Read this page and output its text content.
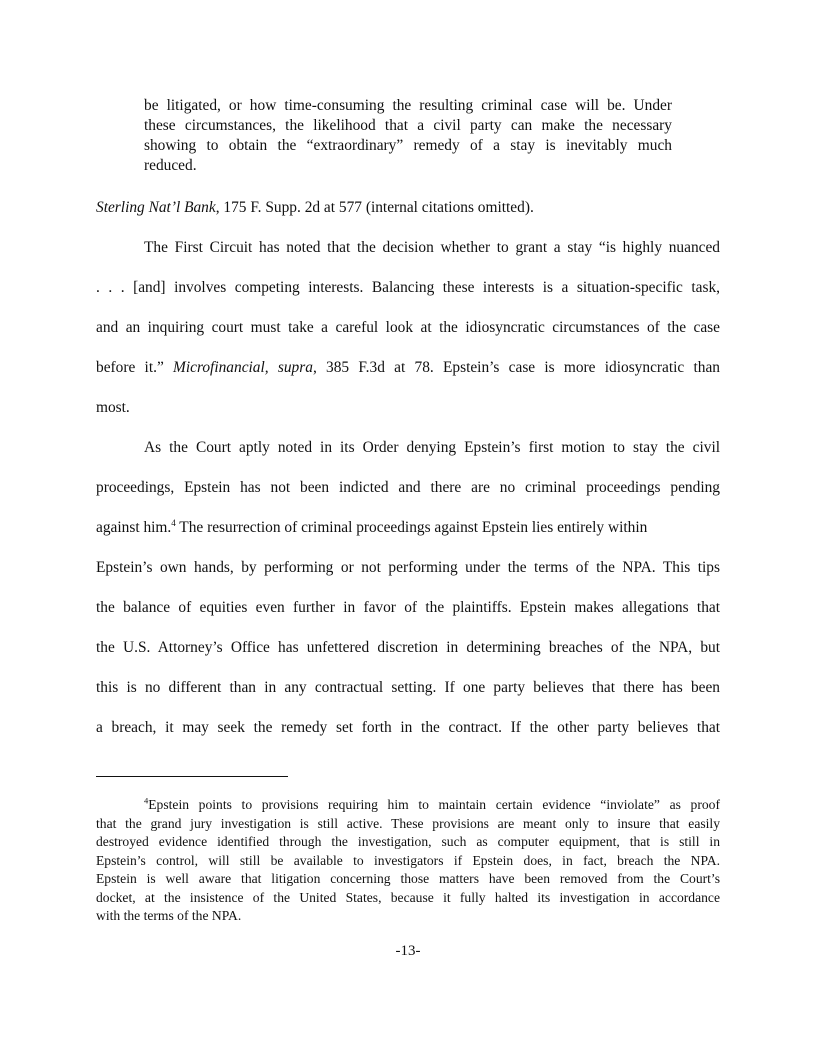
be litigated, or how time-consuming the resulting criminal case will be. Under
these circumstances, the likelihood that a civil party can make the necessary
showing to obtain the “extraordinary” remedy of a stay is inevitably much
reduced.

Sterling Nat’l Bank, 175 F. Supp. 2d at 577 (internal citations omitted).

The First Circuit has noted that the decision whether to grant a stay “is highly nuanced
. . . [and] involves competing interests. Balancing these interests is a situation-specific task,
and an inquiring court must take a careful look at the idiosyncratic circumstances of the case
before it.” Microfinancial, supra, 385 F.3d at 78. Epstein’s case is more idiosyncratic than
most.
As the Court aptly noted in its Order denying Epstein’s first motion to stay the civil
proceedings, Epstein has not been indicted and there are no criminal proceedings pending
against him.$^4$ The resurrection of criminal proceedings against Epstein lies entirely within
Epstein’s own hands, by performing or not performing under the terms of the NPA. This tips
the balance of equities even further in favor of the plaintiffs. Epstein makes allegations that
the U.S. Attorney’s Office has unfettered discretion in determining breaches of the NPA, but
this is no different than in any contractual setting. If one party believes that there has been
a breach, it may seek the remedy set forth in the contract. If the other party believes that
$^4$Epstein points to provisions requiring him to maintain certain evidence “inviolate” as proof
that the grand jury investigation is still active. These provisions are meant only to insure that easily
destroyed evidence identified through the investigation, such as computer equipment, that is still in
Epstein’s control, will still be available to investigators if Epstein does, in fact, breach the NPA.
Epstein is well aware that litigation concerning those matters have been removed from the Court’s
docket, at the insistence of the United States, because it fully halted its investigation in accordance
with the terms of the NPA.
-13-
